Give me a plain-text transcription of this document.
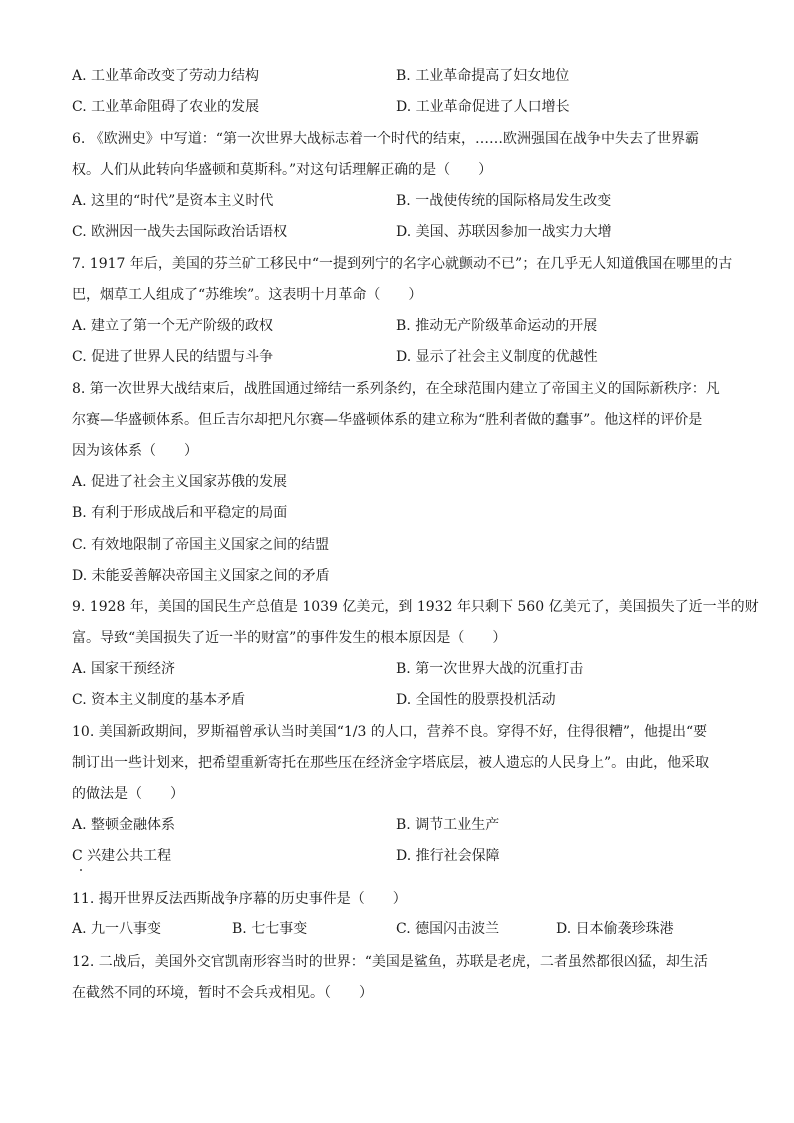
A. 工业革命改变了劳动力结构	B. 工业革命提高了妇女地位
C. 工业革命阻碍了农业的发展	D. 工业革命促进了人口增长
6. 《欧洲史》中写道：“第一次世界大战标志着一个时代的结束，……欧洲强国在战争中失去了世界霸
权。人们从此转向华盛顿和莫斯科。”对这句话理解正确的是（　　）
A. 这里的“时代”是资本主义时代	B. 一战使传统的国际格局发生改变
C. 欧洲因一战失去国际政治话语权	D. 美国、苏联因参加一战实力大增
7. 1917 年后，美国的芬兰矿工移民中“一提到列宁的名字心就颤动不已”；在几乎无人知道俄国在哪里的古
巴，烟草工人组成了“苏维埃”。这表明十月革命（　　）
A. 建立了第一个无产阶级的政权	B. 推动无产阶级革命运动的开展
C. 促进了世界人民的结盟与斗争	D. 显示了社会主义制度的优越性
8. 第一次世界大战结束后，战胜国通过缔结一系列条约，在全球范围内建立了帝国主义的国际新秩序：凡
尔赛—华盛顿体系。但丘吉尔却把凡尔赛—华盛顿体系的建立称为“胜利者做的蠢事”。他这样的评价是
因为该体系（　　）
A. 促进了社会主义国家苏俄的发展
B. 有利于形成战后和平稳定的局面
C. 有效地限制了帝国主义国家之间的结盟
D. 未能妥善解决帝国主义国家之间的矛盾
9. 1928 年，美国的国民生产总值是 1039 亿美元，到 1932 年只剩下 560 亿美元了，美国损失了近一半的财
富。导致“美国损失了近一半的财富”的事件发生的根本原因是（　　）
A. 国家干预经济	B. 第一次世界大战的沉重打击
C. 资本主义制度的基本矛盾	D. 全国性的股票投机活动
10. 美国新政期间，罗斯福曾承认当时美国“1/3 的人口，营养不良。穿得不好，住得很糟”，他提出“要
制订出一些计划来，把希望重新寄托在那些压在经济金字塔底层，被人遗忘的人民身上”。由此，他采取
的做法是（　　）
A. 整顿金融体系	B. 调节工业生产
C 兴建公共工程	D. 推行社会保障
11. 揭开世界反法西斯战争序幕的历史事件是（　　）
A. 九一八事变	B. 七七事变	C. 德国闪击波兰	D. 日本偷袭珍珠港
12. 二战后，美国外交官凯南形容当时的世界：“美国是鲨鱼，苏联是老虎，二者虽然都很凶猛，却生活
在截然不同的环境，暂时不会兵戎相见。（　　）
